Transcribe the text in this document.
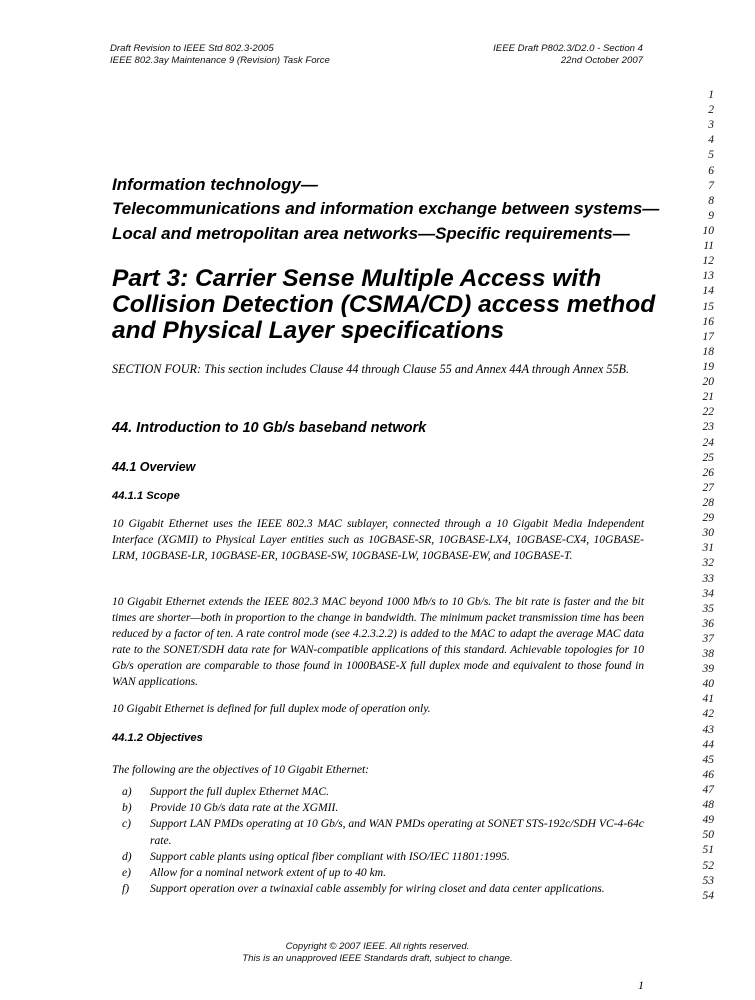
Draft Revision to IEEE Std 802.3-2005
IEEE 802.3ay Maintenance 9 (Revision) Task Force
IEEE Draft P802.3/D2.0 - Section 4
22nd October 2007
1
2
3
4
5
6
7
8
9
10
11
12
13
14
15
16
17
18
19
20
21
22
23
24
25
26
27
28
29
30
31
32
33
34
35
36
37
38
39
40
41
42
43
44
45
46
47
48
49
50
51
52
53
54
Information technology—
Telecommunications and information exchange between systems—
Local and metropolitan area networks—Specific requirements—
Part 3: Carrier Sense Multiple Access with
Collision Detection (CSMA/CD) access method
and Physical Layer specifications
SECTION FOUR: This section includes Clause 44 through Clause 55 and Annex 44A through Annex 55B.
44. Introduction to 10 Gb/s baseband network
44.1 Overview
44.1.1 Scope
10 Gigabit Ethernet uses the IEEE 802.3 MAC sublayer, connected through a 10 Gigabit Media Independent Interface (XGMII) to Physical Layer entities such as 10GBASE-SR, 10GBASE-LX4, 10GBASE-CX4, 10GBASE-LRM, 10GBASE-LR, 10GBASE-ER, 10GBASE-SW, 10GBASE-LW, 10GBASE-EW, and 10GBASE-T.
10 Gigabit Ethernet extends the IEEE 802.3 MAC beyond 1000 Mb/s to 10 Gb/s. The bit rate is faster and the bit times are shorter—both in proportion to the change in bandwidth. The minimum packet transmission time has been reduced by a factor of ten. A rate control mode (see 4.2.3.2.2) is added to the MAC to adapt the average MAC data rate to the SONET/SDH data rate for WAN-compatible applications of this standard. Achievable topologies for 10 Gb/s operation are comparable to those found in 1000BASE-X full duplex mode and equivalent to those found in WAN applications.
10 Gigabit Ethernet is defined for full duplex mode of operation only.
44.1.2 Objectives
The following are the objectives of 10 Gigabit Ethernet:
a)	Support the full duplex Ethernet MAC.
b)	Provide 10 Gb/s data rate at the XGMII.
c)	Support LAN PMDs operating at 10 Gb/s, and WAN PMDs operating at SONET STS-192c/SDH VC-4-64c rate.
d)	Support cable plants using optical fiber compliant with ISO/IEC 11801:1995.
e)	Allow for a nominal network extent of up to 40 km.
f)	Support operation over a twinaxial cable assembly for wiring closet and data center applications.
Copyright © 2007 IEEE. All rights reserved.
This is an unapproved IEEE Standards draft, subject to change.
1
